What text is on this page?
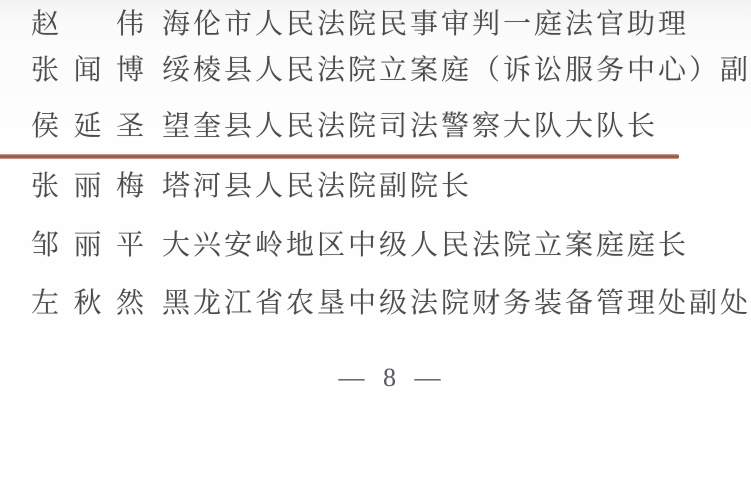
赵　伟 海伦市人民法院民事审判一庭法官助理
张闻博 绥棱县人民法院立案庭（诉讼服务中心）副
侯延圣 望奎县人民法院司法警察大队大队长
张丽梅 塔河县人民法院副院长
邹丽平 大兴安岭地区中级人民法院立案庭庭长
左秋然 黑龙江省农垦中级法院财务装备管理处副处
— 8 —
